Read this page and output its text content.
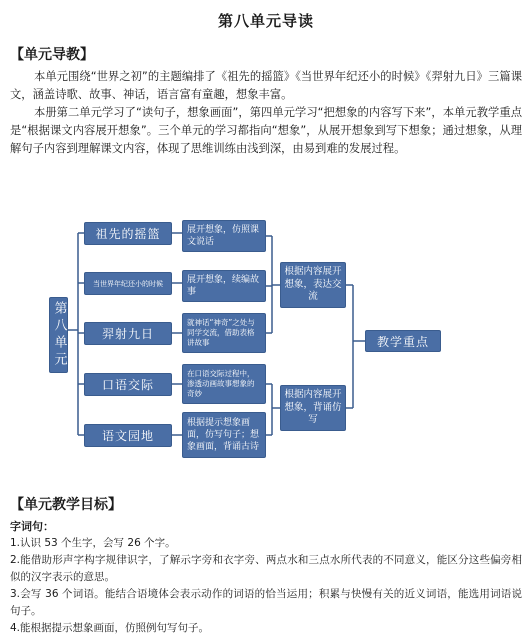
第八单元导读
【单元导教】

本单元围绕“世界之初”的主题编排了《祖先的摇篮》《当世界年纪还小的时候》《羿射九日》三篇课文，涵盖诗歌、故事、神话，语言富有童趣，想象丰富。

本册第二单元学习了“读句子，想象画面”，第四单元学习“把想象的内容写下来”，本单元教学重点是“根据课文内容展开想象”。三个单元的学习都指向“想象”，从展开想象到写下想象；通过想象，从理解句子内容到理解课文内容，体现了思维训练由浅到深，由易到难的发展过程。

第八单元
祖先的摇篮
当世界年纪还小的时候
羿射九日
口语交际
语文园地
展开想象，仿照课文说话
展开想象，续编故事
就神话“神奇”之处与同学交流，借助表格讲故事
在口语交际过程中，渗透动画故事想象的奇妙
根据提示想象画面，仿写句子；想象画面，背诵古诗
根据内容展开想象，表达交流
根据内容展开想象，背诵仿写
教学重点
【单元教学目标】
字词句：

1.认识 53 个生字，会写 26 个字。

2.能借助形声字构字规律识字，了解示字旁和衣字旁、两点水和三点水所代表的不同意义，能区分这些偏旁相似的汉字表示的意思。

3.会写 36 个词语。能结合语境体会表示动作的词语的恰当运用；积累与快慢有关的近义词语，能选用词语说句子。

4.能根据提示想象画面，仿照例句写句子。
